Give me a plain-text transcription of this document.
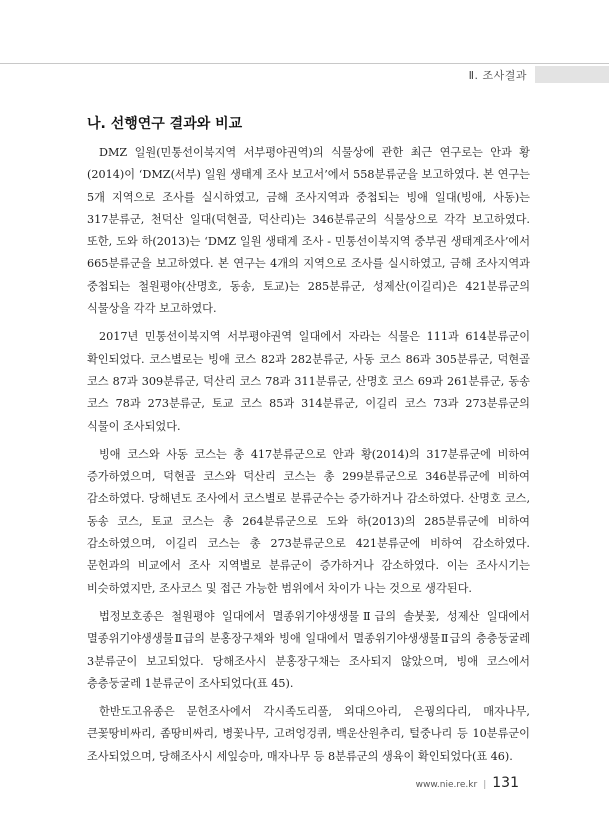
Ⅱ. 조사결과
나. 선행연구 결과와 비교

DMZ 일원(민통선이북지역 서부평야권역)의 식물상에 관한 최근 연구로는 안과 황(2014)이 ‘DMZ(서부) 일원 생태계 조사 보고서’에서 558분류군을 보고하였다. 본 연구는 5개 지역으로 조사를 실시하였고, 금해 조사지역과 중첩되는 빙애 일대(빙애, 사동)는 317분류군, 천덕산 일대(덕현골, 덕산리)는 346분류군의 식물상으로 각각 보고하였다. 또한, 도와 하(2013)는 ‘DMZ 일원 생태계 조사 - 민통선이북지역 중부권 생태계조사’에서 665분류군을 보고하였다. 본 연구는 4개의 지역으로 조사를 실시하였고, 금해 조사지역과 중첩되는 철원평야(산명호, 동송, 토교)는 285분류군, 성제산(이길리)은 421분류군의 식물상을 각각 보고하였다.

2017년 민통선이북지역 서부평야권역 일대에서 자라는 식물은 111과 614분류군이 확인되었다. 코스별로는 빙애 코스 82과 282분류군, 사동 코스 86과 305분류군, 덕현골 코스 87과 309분류군, 덕산리 코스 78과 311분류군, 산명호 코스 69과 261분류군, 동송 코스 78과 273분류군, 토교 코스 85과 314분류군, 이길리 코스 73과 273분류군의 식물이 조사되었다.

빙애 코스와 사동 코스는 총 417분류군으로 안과 황(2014)의 317분류군에 비하여 증가하였으며, 덕현골 코스와 덕산리 코스는 총 299분류군으로 346분류군에 비하여 감소하였다. 당해년도 조사에서 코스별로 분류군수는 증가하거나 감소하였다. 산명호 코스, 동송 코스, 토교 코스는 총 264분류군으로 도와 하(2013)의 285분류군에 비하여 감소하였으며, 이길리 코스는 총 273분류군으로 421분류군에 비하여 감소하였다. 문헌과의 비교에서 조사 지역별로 분류군이 증가하거나 감소하였다. 이는 조사시기는 비슷하였지만, 조사코스 및 접근 가능한 범위에서 차이가 나는 것으로 생각된다.

법정보호종은 철원평야 일대에서 멸종위기야생생물Ⅱ급의 솔붓꽃, 성제산 일대에서 멸종위기야생생물Ⅱ급의 분홍장구채와 빙애 일대에서 멸종위기야생생물Ⅱ급의 층층둥굴레 3분류군이 보고되었다. 당해조사시 분홍장구채는 조사되지 않았으며, 빙애 코스에서 층층둥굴레 1분류군이 조사되었다(표 45).

한반도고유종은 문헌조사에서 각시족도리풀, 외대으아리, 은꿩의다리, 매자나무, 큰꽃땅비싸리, 좀땅비싸리, 병꽃나무, 고려엉겅퀴, 백운산원추리, 털중나리 등 10분류군이 조사되었으며, 당해조사시 세잎승마, 매자나무 등 8분류군의 생육이 확인되었다(표 46).

www.nie.re.kr | 131
